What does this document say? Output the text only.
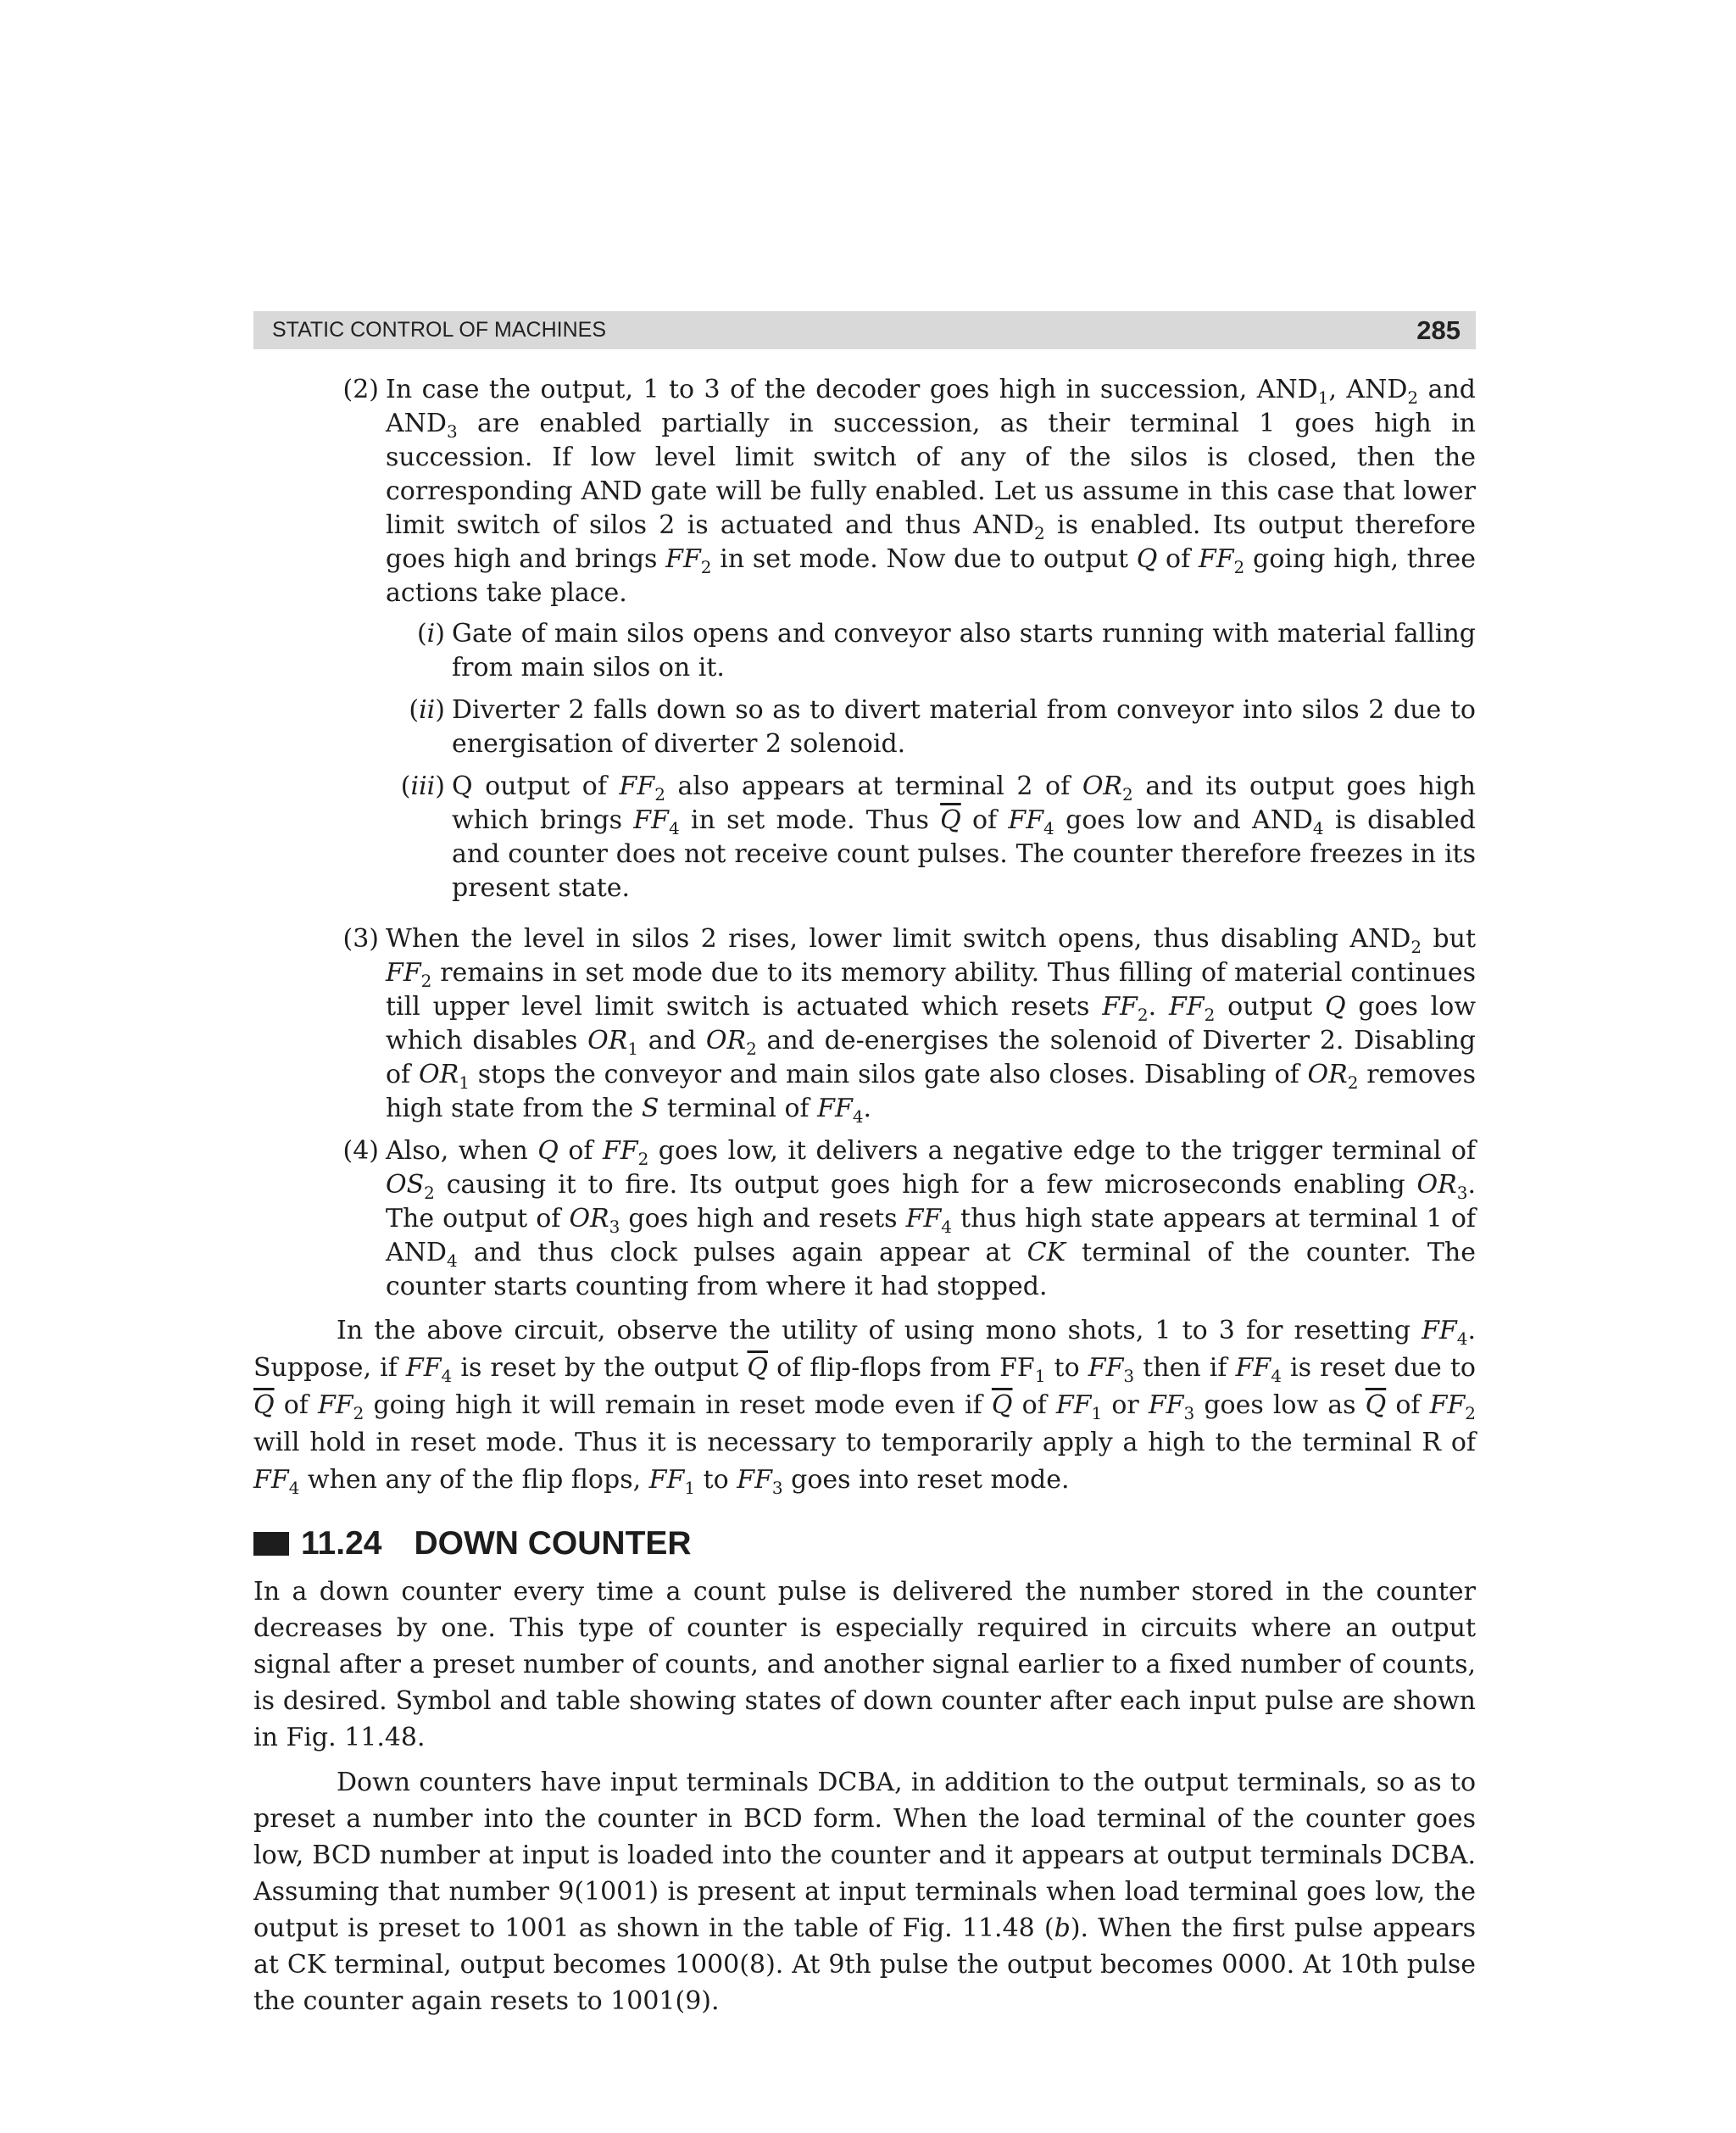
STATIC CONTROL OF MACHINES	285
(2) In case the output, 1 to 3 of the decoder goes high in succession, $AND_1$, $AND_2$ and $AND_3$ are enabled partially in succession, as their terminal 1 goes high in succession. If low level limit switch of any of the silos is closed, then the corresponding AND gate will be fully enabled. Let us assume in this case that lower limit switch of silos 2 is actuated and thus $AND_2$ is enabled. Its output therefore goes high and brings $FF_2$ in set mode. Now due to output Q of $FF_2$ going high, three actions take place.

(i) Gate of main silos opens and conveyor also starts running with material falling from main silos on it.

(ii) Diverter 2 falls down so as to divert material from conveyor into silos 2 due to energisation of diverter 2 solenoid.

(iii) Q output of $FF_2$ also appears at terminal 2 of $OR_2$ and its output goes high which brings $FF_4$ in set mode. Thus $\overline{Q}$ of $FF_4$ goes low and $AND_4$ is disabled and counter does not receive count pulses. The counter therefore freezes in its present state.

(3) When the level in silos 2 rises, lower limit switch opens, thus disabling $AND_2$ but $FF_2$ remains in set mode due to its memory ability. Thus filling of material continues till upper level limit switch is actuated which resets $FF_2$. $FF_2$ output Q goes low which disables $OR_1$ and $OR_2$ and de-energises the solenoid of Diverter 2. Disabling of $OR_1$ stops the conveyor and main silos gate also closes. Disabling of $OR_2$ removes high state from the S terminal of $FF_4$.

(4) Also, when Q of $FF_2$ goes low, it delivers a negative edge to the trigger terminal of $OS_2$ causing it to fire. Its output goes high for a few microseconds enabling $OR_3$. The output of $OR_3$ goes high and resets $FF_4$ thus high state appears at terminal 1 of $AND_4$ and thus clock pulses again appear at CK terminal of the counter. The counter starts counting from where it had stopped.

In the above circuit, observe the utility of using mono shots, 1 to 3 for resetting $FF_4$. Suppose, if $FF_4$ is reset by the output $\overline{Q}$ of flip-flops from $FF_1$ to $FF_3$ then if $FF_4$ is reset due to $\overline{Q}$ of $FF_2$ going high it will remain in reset mode even if $\overline{Q}$ of $FF_1$ or $FF_3$ goes low as $\overline{Q}$ of $FF_2$ will hold in reset mode. Thus it is necessary to temporarily apply a high to the terminal R of $FF_4$ when any of the flip flops, $FF_1$ to $FF_3$ goes into reset mode.

11.24 DOWN COUNTER

In a down counter every time a count pulse is delivered the number stored in the counter decreases by one. This type of counter is especially required in circuits where an output signal after a preset number of counts, and another signal earlier to a fixed number of counts, is desired. Symbol and table showing states of down counter after each input pulse are shown in Fig. 11.48.

Down counters have input terminals DCBA, in addition to the output terminals, so as to preset a number into the counter in BCD form. When the load terminal of the counter goes low, BCD number at input is loaded into the counter and it appears at output terminals DCBA. Assuming that number 9(1001) is present at input terminals when load terminal goes low, the output is preset to 1001 as shown in the table of Fig. 11.48 (b). When the first pulse appears at CK terminal, output becomes 1000(8). At 9th pulse the output becomes 0000. At 10th pulse the counter again resets to 1001(9).
